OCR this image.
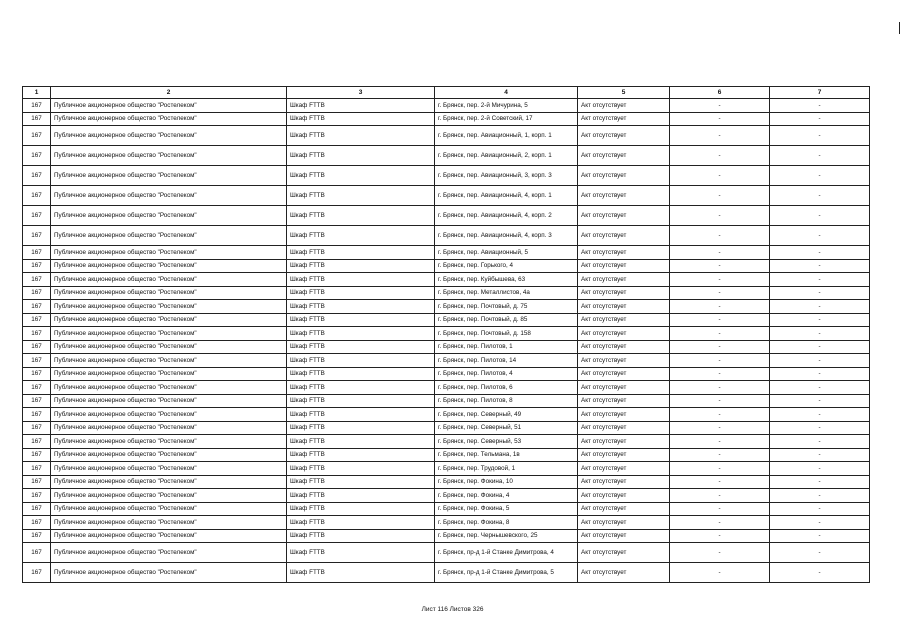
1	2	3	4	5	6	7
167	Публичное акционерное общество "Ростелеком"	Шкаф FTTB	г. Брянск, пер. 2-й Мичурина, 5	Акт отсутствует	-	-
167	Публичное акционерное общество "Ростелеком"	Шкаф FTTB	г. Брянск, пер. 2-й Советский, 17	Акт отсутствует	-	-
167	Публичное акционерное общество "Ростелеком"	Шкаф FTTB	г. Брянск, пер. Авиационный, 1, корп. 1	Акт отсутствует	-	-
167	Публичное акционерное общество "Ростелеком"	Шкаф FTTB	г. Брянск, пер. Авиационный, 2, корп. 1	Акт отсутствует	-	-
167	Публичное акционерное общество "Ростелеком"	Шкаф FTTB	г. Брянск, пер. Авиационный, 3, корп. 3	Акт отсутствует	-	-
167	Публичное акционерное общество "Ростелеком"	Шкаф FTTB	г. Брянск, пер. Авиационный, 4, корп. 1	Акт отсутствует	-	-
167	Публичное акционерное общество "Ростелеком"	Шкаф FTTB	г. Брянск, пер. Авиационный, 4, корп. 2	Акт отсутствует	-	-
167	Публичное акционерное общество "Ростелеком"	Шкаф FTTB	г. Брянск, пер. Авиационный, 4, корп. 3	Акт отсутствует	-	-
167	Публичное акционерное общество "Ростелеком"	Шкаф FTTB	г. Брянск, пер. Авиационный, 5	Акт отсутствует	-	-
167	Публичное акционерное общество "Ростелеком"	Шкаф FTTB	г. Брянск, пер. Горького, 4	Акт отсутствует	-	-
167	Публичное акционерное общество "Ростелеком"	Шкаф FTTB	г. Брянск, пер. Куйбышева, 63	Акт отсутствует	-	-
167	Публичное акционерное общество "Ростелеком"	Шкаф FTTB	г. Брянск, пер. Металлистов, 4а	Акт отсутствует	-	-
167	Публичное акционерное общество "Ростелеком"	Шкаф FTTB	г. Брянск, пер. Почтовый, д. 75	Акт отсутствует	-	-
167	Публичное акционерное общество "Ростелеком"	Шкаф FTTB	г. Брянск, пер. Почтовый, д. 85	Акт отсутствует	-	-
167	Публичное акционерное общество "Ростелеком"	Шкаф FTTB	г. Брянск, пер. Почтовый, д. 158	Акт отсутствует	-	-
167	Публичное акционерное общество "Ростелеком"	Шкаф FTTB	г. Брянск, пер. Пилотов, 1	Акт отсутствует	-	-
167	Публичное акционерное общество "Ростелеком"	Шкаф FTTB	г. Брянск, пер. Пилотов, 14	Акт отсутствует	-	-
167	Публичное акционерное общество "Ростелеком"	Шкаф FTTB	г. Брянск, пер. Пилотов, 4	Акт отсутствует	-	-
167	Публичное акционерное общество "Ростелеком"	Шкаф FTTB	г. Брянск, пер. Пилотов, 6	Акт отсутствует	-	-
167	Публичное акционерное общество "Ростелеком"	Шкаф FTTB	г. Брянск, пер. Пилотов, 8	Акт отсутствует	-	-
167	Публичное акционерное общество "Ростелеком"	Шкаф FTTB	г. Брянск, пер. Северный, 49	Акт отсутствует	-	-
167	Публичное акционерное общество "Ростелеком"	Шкаф FTTB	г. Брянск, пер. Северный, 51	Акт отсутствует	-	-
167	Публичное акционерное общество "Ростелеком"	Шкаф FTTB	г. Брянск, пер. Северный, 53	Акт отсутствует	-	-
167	Публичное акционерное общество "Ростелеком"	Шкаф FTTB	г. Брянск, пер. Тельмана, 1в	Акт отсутствует	-	-
167	Публичное акционерное общество "Ростелеком"	Шкаф FTTB	г. Брянск, пер. Трудовой, 1	Акт отсутствует	-	-
167	Публичное акционерное общество "Ростелеком"	Шкаф FTTB	г. Брянск, пер. Фокина, 10	Акт отсутствует	-	-
167	Публичное акционерное общество "Ростелеком"	Шкаф FTTB	г. Брянск, пер. Фокина, 4	Акт отсутствует	-	-
167	Публичное акционерное общество "Ростелеком"	Шкаф FTTB	г. Брянск, пер. Фокина, 5	Акт отсутствует	-	-
167	Публичное акционерное общество "Ростелеком"	Шкаф FTTB	г. Брянск, пер. Фокина, 8	Акт отсутствует	-	-
167	Публичное акционерное общество "Ростелеком"	Шкаф FTTB	г. Брянск, пер. Чернышевского, 25	Акт отсутствует	-	-
167	Публичное акционерное общество "Ростелеком"	Шкаф FTTB	г. Брянск, пр-д 1-й Станке Димитрова, 4	Акт отсутствует	-	-
167	Публичное акционерное общество "Ростелеком"	Шкаф FTTB	г. Брянск, пр-д 1-й Станке Димитрова, 5	Акт отсутствует	-	-
Лист 116 Листов 326
